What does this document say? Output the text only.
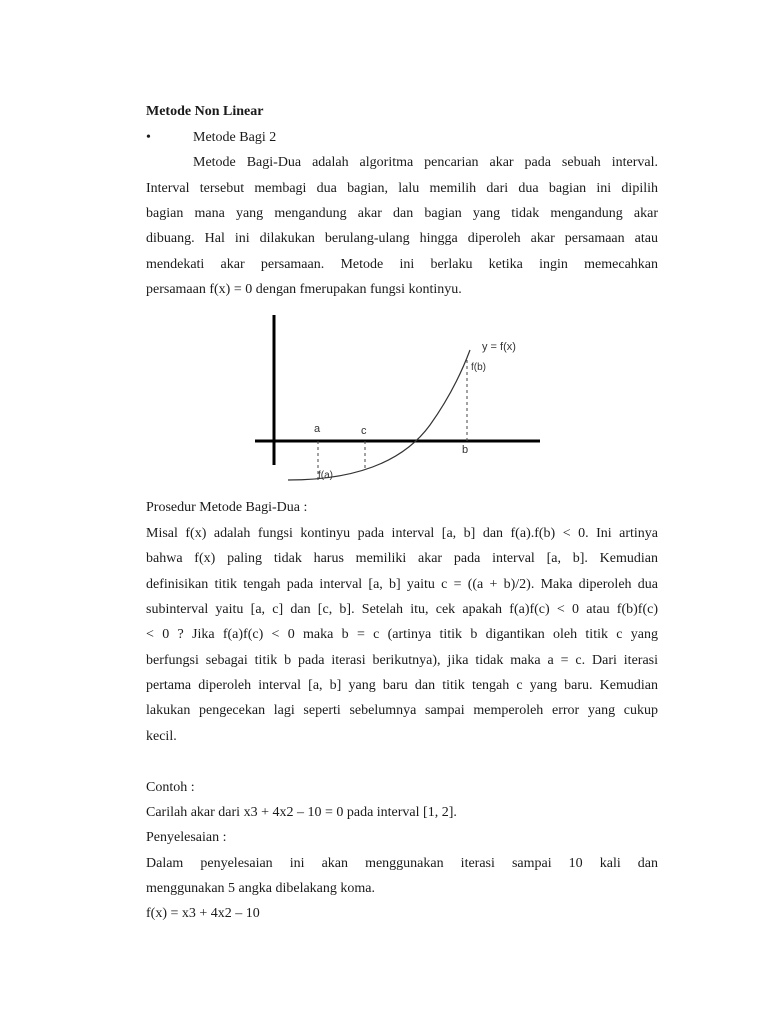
Metode Non Linear
•	Metode Bagi 2
Metode Bagi-Dua adalah algoritma pencarian akar pada sebuah interval.
Interval tersebut membagi dua bagian, lalu memilih dari dua bagian ini dipilih
bagian mana yang mengandung akar dan bagian yang tidak mengandung akar
dibuang. Hal ini dilakukan berulang-ulang hingga diperoleh akar persamaan atau
mendekati akar persamaan. Metode ini berlaku ketika ingin memecahkan
persamaan f(x) = 0 dengan fmerupakan fungsi kontinyu.
y = f(x)
f(b)
a	c
b
f(a)
Prosedur Metode Bagi-Dua :
Misal f(x) adalah fungsi kontinyu pada interval [a, b] dan f(a).f(b) < 0. Ini artinya
bahwa f(x) paling tidak harus memiliki akar pada interval [a, b]. Kemudian
definisikan titik tengah pada interval [a, b] yaitu c = ((a + b)/2). Maka diperoleh dua
subinterval yaitu [a, c] dan [c, b]. Setelah itu, cek apakah f(a)f(c) < 0 atau f(b)f(c)
< 0 ? Jika f(a)f(c) < 0 maka b = c (artinya titik b digantikan oleh titik c yang
berfungsi sebagai titik b pada iterasi berikutnya), jika tidak maka a = c. Dari iterasi
pertama diperoleh interval [a, b] yang baru dan titik tengah c yang baru. Kemudian
lakukan pengecekan lagi seperti sebelumnya sampai memperoleh error yang cukup
kecil.
Contoh :
Carilah akar dari x3 + 4x2 – 10 = 0 pada interval [1, 2].
Penyelesaian :
Dalam penyelesaian ini akan menggunakan iterasi sampai 10 kali dan
menggunakan 5 angka dibelakang koma.
f(x) = x3 + 4x2 – 10
